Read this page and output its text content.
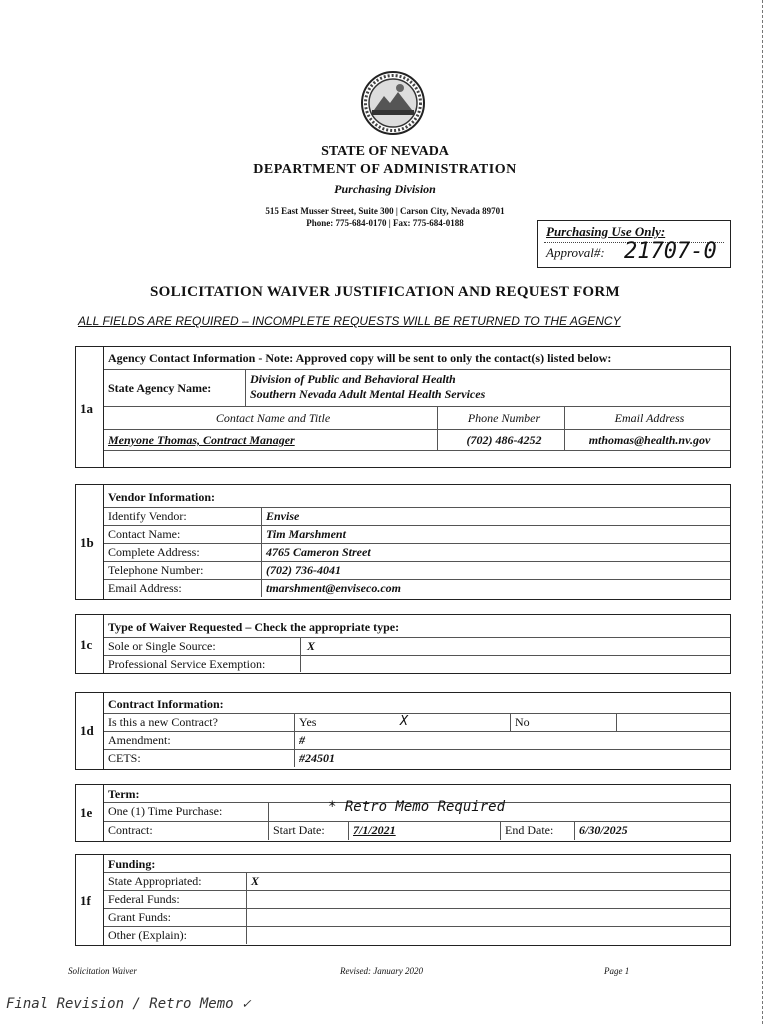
STATE OF NEVADA
DEPARTMENT OF ADMINISTRATION
Purchasing Division
515 East Musser Street, Suite 300 | Carson City, Nevada 89701
Phone: 775-684-0170 | Fax: 775-684-0188
Purchasing Use Only:
Approval#: 21707-0
SOLICITATION WAIVER JUSTIFICATION AND REQUEST FORM
ALL FIELDS ARE REQUIRED – INCOMPLETE REQUESTS WILL BE RETURNED TO THE AGENCY
1a
Agency Contact Information - Note: Approved copy will be sent to only the contact(s) listed below:
State Agency Name:
Division of Public and Behavioral Health
Southern Nevada Adult Mental Health Services
Contact Name and Title	Phone Number	Email Address
Menyone Thomas, Contract Manager	(702) 486-4252	mthomas@health.nv.gov
1b
Vendor Information:
Identify Vendor:	Envise
Contact Name:	Tim Marshment
Complete Address:	4765 Cameron Street
Telephone Number:	(702) 736-4041
Email Address:	tmarshment@enviseco.com
1c
Type of Waiver Requested – Check the appropriate type:
Sole or Single Source:	X
Professional Service Exemption:
1d
Contract Information:
Is this a new Contract?	Yes	X	No
Amendment:	#
CETS:	#24501
1e
Term:
One (1) Time Purchase:	* Retro Memo Required
Contract:	Start Date:	7/1/2021	End Date:	6/30/2025
1f
Funding:
State Appropriated:	X
Federal Funds:
Grant Funds:
Other (Explain):
Solicitation Waiver	Revised: January 2020	Page 1
Final Revision / Retro Memo ✓
